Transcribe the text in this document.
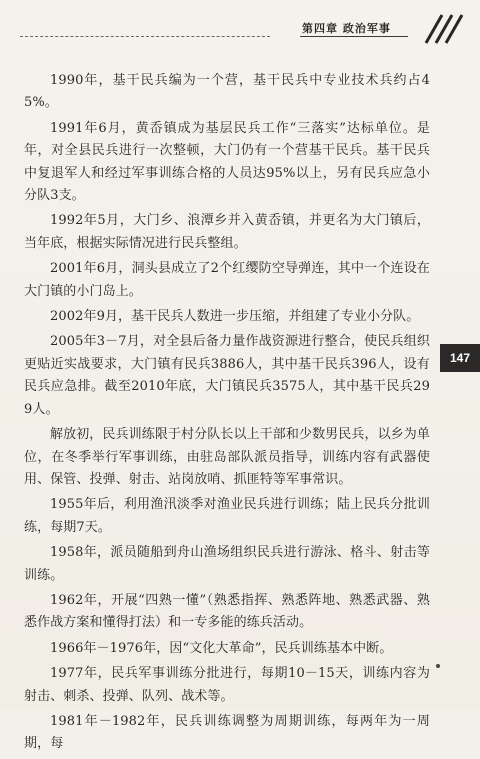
第四章 政治军事

1990年，基干民兵编为一个营，基干民兵中专业技术兵约占45%。

1991年6月，黄岙镇成为基层民兵工作“三落实”达标单位。是年，对全县民兵进行一次整顿，大门仍有一个营基干民兵。基干民兵中复退军人和经过军事训练合格的人员达95%以上，另有民兵应急小分队3支。

1992年5月，大门乡、浪潭乡并入黄岙镇，并更名为大门镇后，当年底，根据实际情况进行民兵整组。

2001年6月，洞头县成立了2个红缨防空导弹连，其中一个连设在大门镇的小门岛上。

2002年9月，基干民兵人数进一步压缩，并组建了专业小分队。

2005年3－7月，对全县后备力量作战资源进行整合，使民兵组织更贴近实战要求，大门镇有民兵3886人，其中基干民兵396人，设有民兵应急排。截至2010年底，大门镇民兵3575人，其中基干民兵299人。

解放初，民兵训练限于村分队长以上干部和少数男民兵，以乡为单位，在冬季举行军事训练，由驻岛部队派员指导，训练内容有武器使用、保管、投弹、射击、站岗放哨、抓匪特等军事常识。

1955年后，利用渔汛淡季对渔业民兵进行训练；陆上民兵分批训练，每期7天。

1958年，派员随船到舟山渔场组织民兵进行游泳、格斗、射击等训练。

1962年，开展“四熟一懂”（熟悉指挥、熟悉阵地、熟悉武器、熟悉作战方案和懂得打法）和一专多能的练兵活动。

1966年－1976年，因“文化大革命”，民兵训练基本中断。

1977年，民兵军事训练分批进行，每期10－15天，训练内容为射击、刺杀、投弹、队列、战术等。

1981年－1982年，民兵训练调整为周期训练，每两年为一周期，每

147
